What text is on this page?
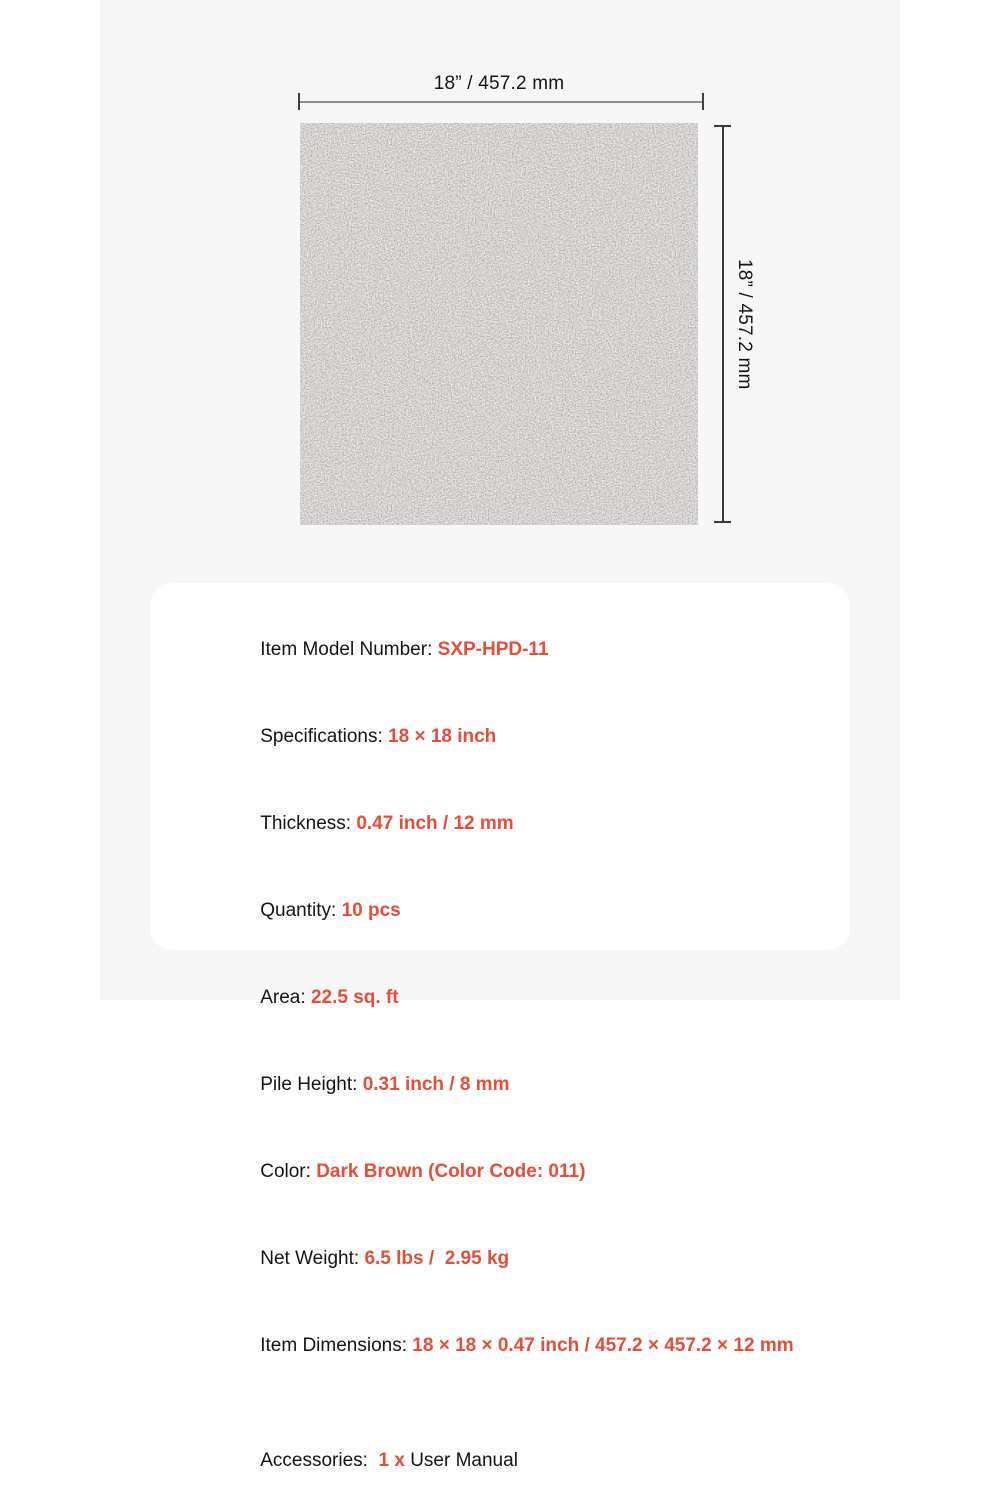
18” / 457.2 mm
18” / 457.2 mm

Item Model Number: SXP-HPD-11

Specifications: 18 × 18 inch

Thickness: 0.47 inch / 12 mm

Quantity: 10 pcs

Area: 22.5 sq. ft

Pile Height: 0.31 inch / 8 mm

Color: Dark Brown (Color Code: 011)

Net Weight: 6.5 lbs /  2.95 kg

Item Dimensions: 18 × 18 × 0.47 inch / 457.2 × 457.2 × 12 mm

Accessories:  1 x User Manual
